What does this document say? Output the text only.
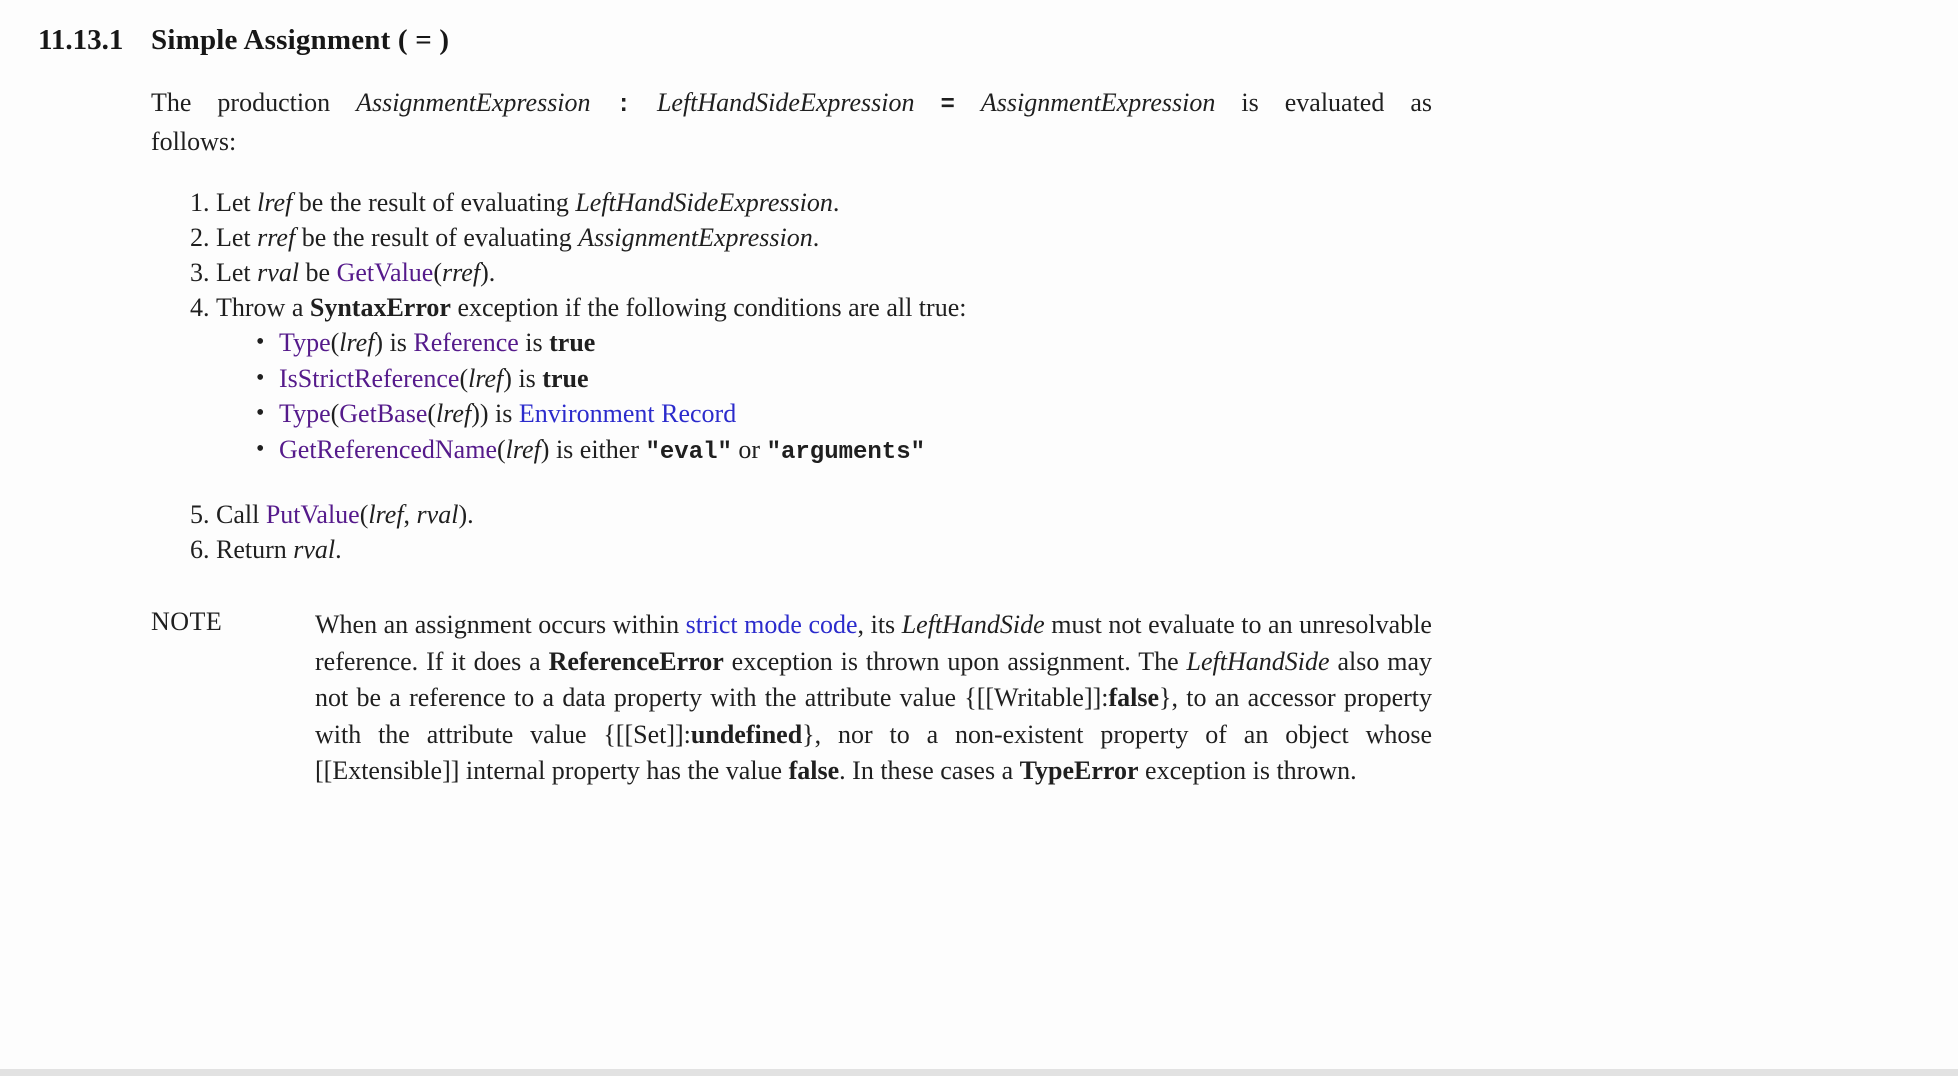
11.13.1 Simple Assignment ( = )
The production AssignmentExpression : LeftHandSideExpression = AssignmentExpression is evaluated as
follows:
1. Let lref be the result of evaluating LeftHandSideExpression.
2. Let rref be the result of evaluating AssignmentExpression.
3. Let rval be GetValue(rref).
4. Throw a SyntaxError exception if the following conditions are all true:
• Type(lref) is Reference is true
• IsStrictReference(lref) is true
• Type(GetBase(lref)) is Environment Record
• GetReferencedName(lref) is either "eval" or "arguments"
5. Call PutValue(lref, rval).
6. Return rval.
NOTE	When an assignment occurs within strict mode code, its LeftHandSide must not evaluate to an unresolvable reference. If it does a ReferenceError exception is thrown upon assignment. The LeftHandSide also may not be a reference to a data property with the attribute value {[[Writable]]:false}, to an accessor property with the attribute value {[[Set]]:undefined}, nor to a non-existent property of an object whose [[Extensible]] internal property has the value false. In these cases a TypeError exception is thrown.
